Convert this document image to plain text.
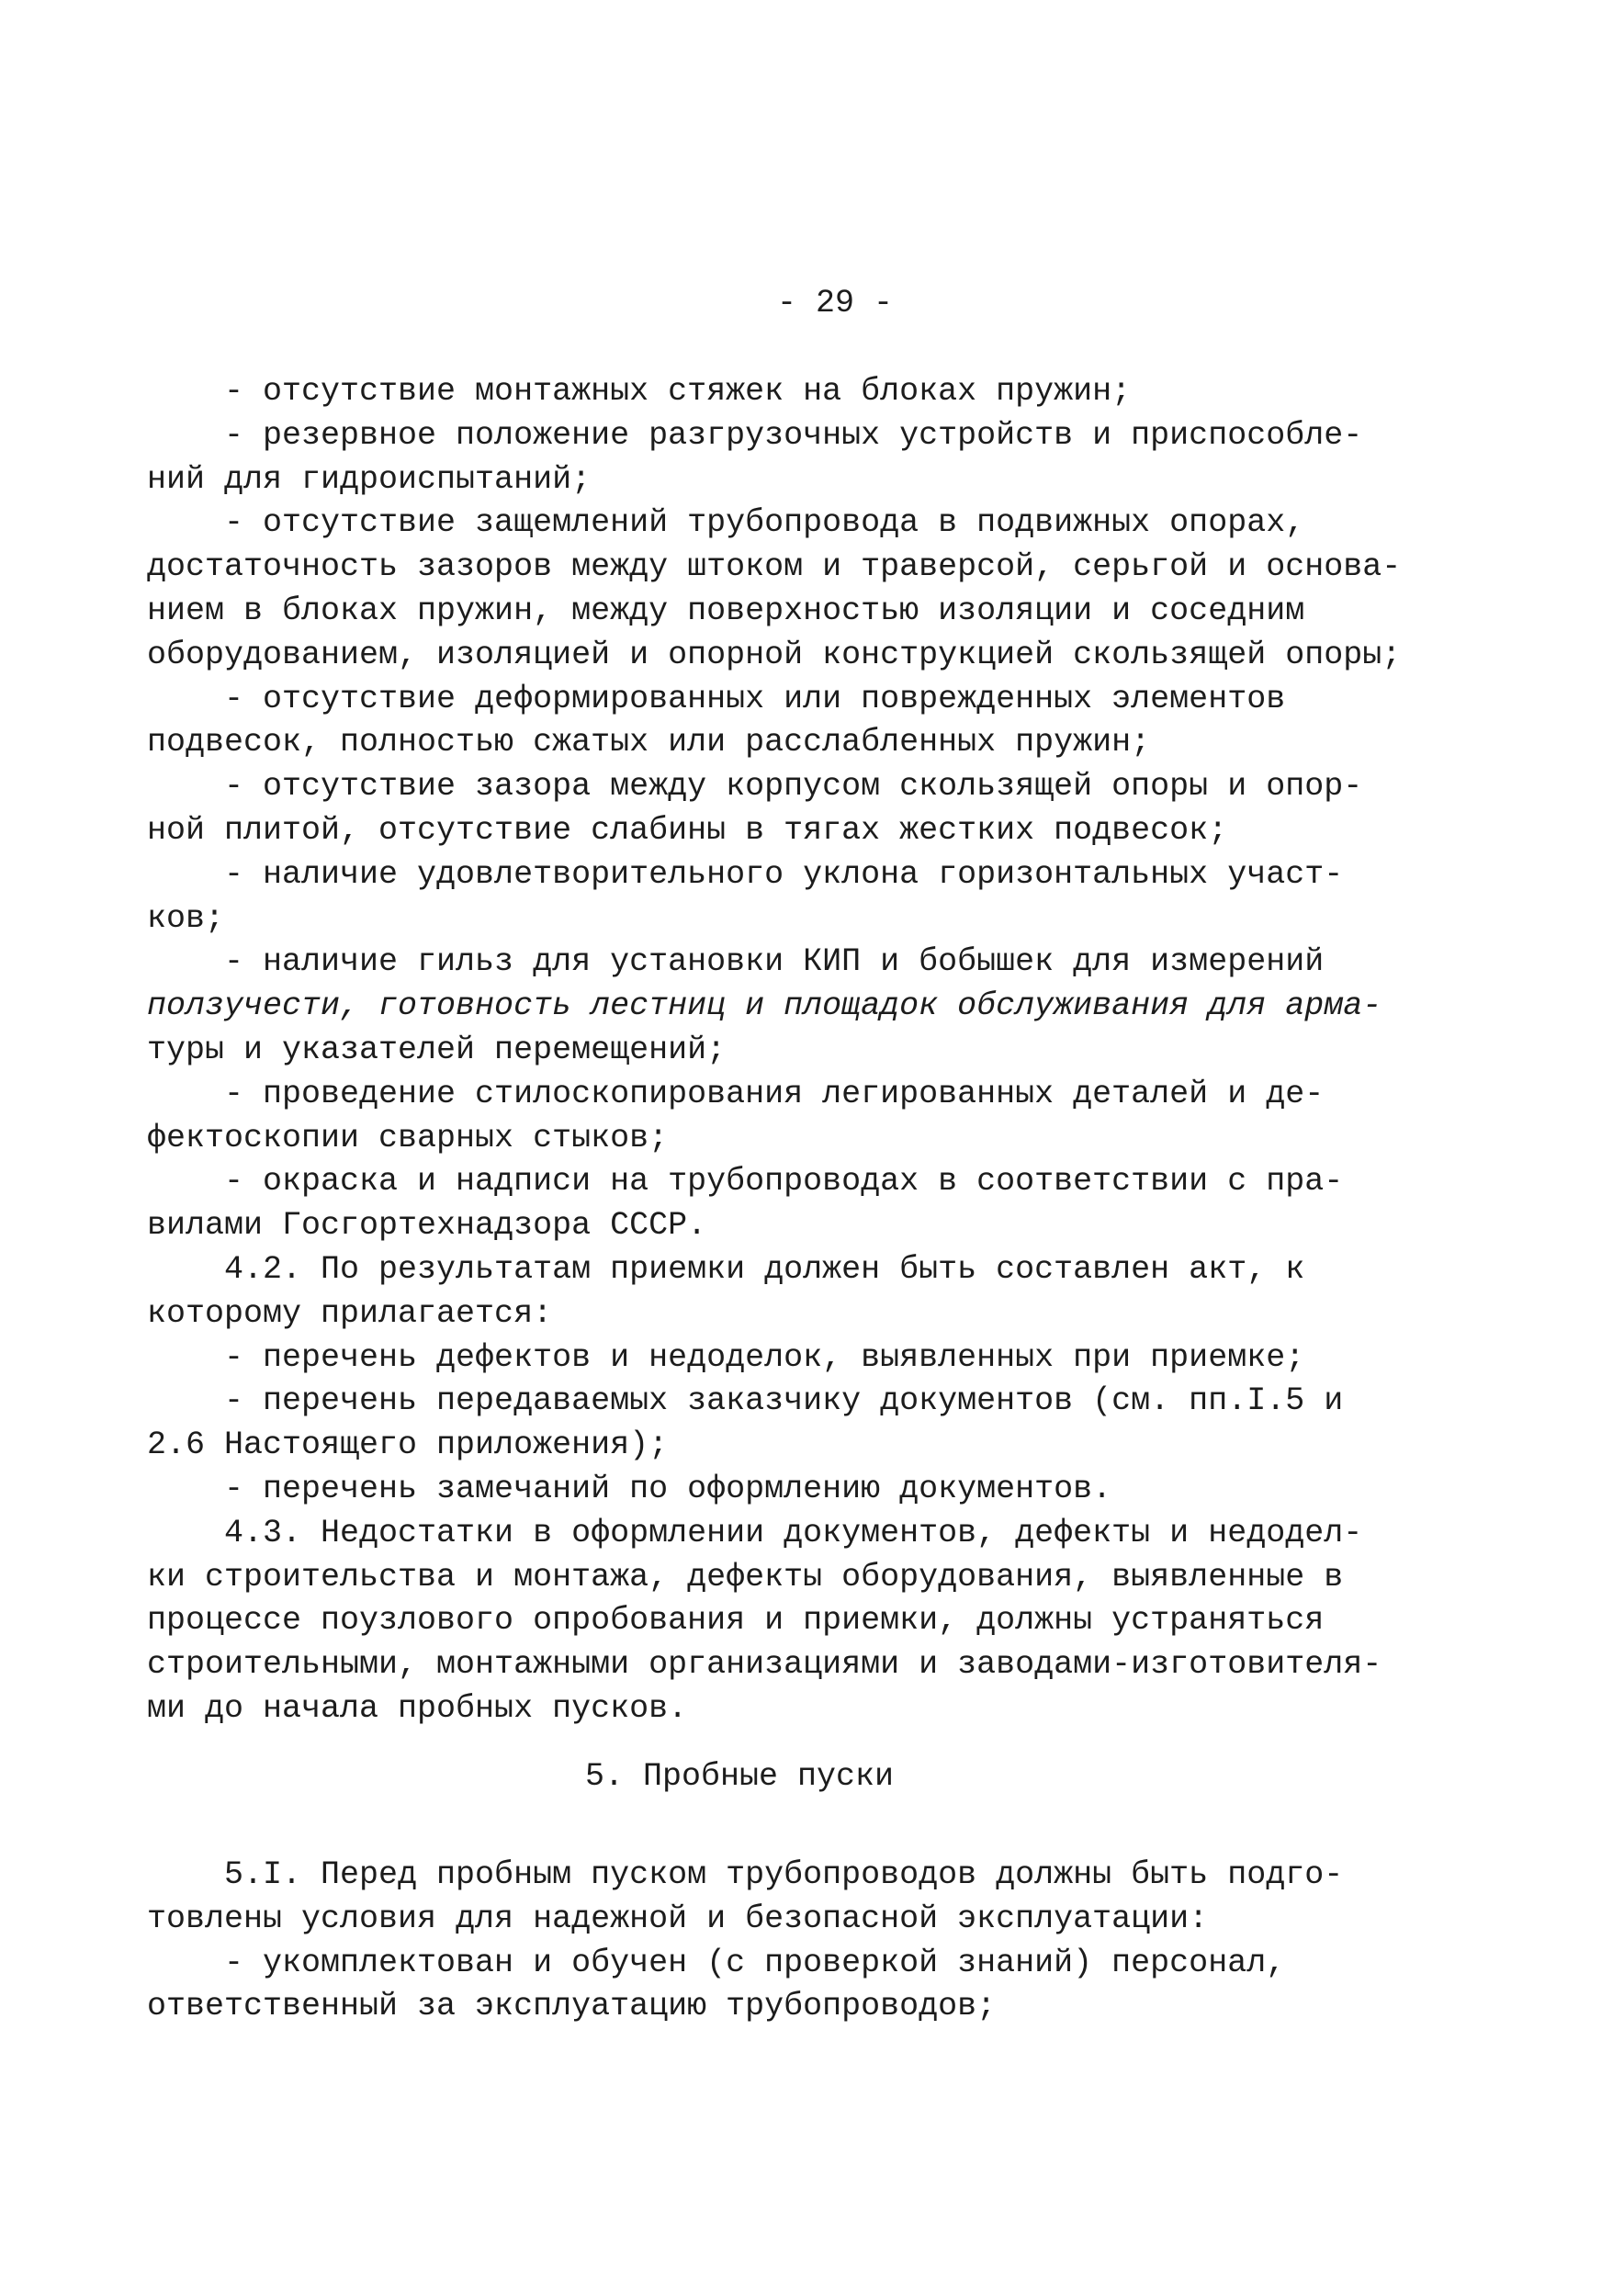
- 29 -
- отсутствие монтажных стяжек на блоках пружин;
- резервное положение разгрузочных устройств и приспособле-
ний для гидроиспытаний;
- отсутствие защемлений трубопровода в подвижных опорах,
достаточность зазоров между штоком и траверсой, серьгой и основа-
нием в блоках пружин, между поверхностью изоляции и соседним
оборудованием, изоляцией и опорной конструкцией скользящей опоры;
- отсутствие деформированных или поврежденных элементов
подвесок, полностью сжатых или расслабленных пружин;
- отсутствие зазора между корпусом скользящей опоры и опор-
ной плитой, отсутствие слабины в тягах жестких подвесок;
- наличие удовлетворительного уклона горизонтальных участ-
ков;
- наличие гильз для установки КИП и бобышек для измерений
ползучести, готовность лестниц и площадок обслуживания для арма-
туры и указателей перемещений;
- проведение стилоскопирования легированных деталей и де-
фектоскопии сварных стыков;
- окраска и надписи на трубопроводах в соответствии с пра-
вилами Госгортехнадзора СССР.
4.2. По результатам приемки должен быть составлен акт, к
которому прилагается:
- перечень дефектов и недоделок, выявленных при приемке;
- перечень передаваемых заказчику документов (см. пп.I.5 и
2.6 Настоящего приложения);
- перечень замечаний по оформлению документов.
4.3. Недостатки в оформлении документов, дефекты и недодел-
ки строительства и монтажа, дефекты оборудования, выявленные в
процессе поузлового опробования и приемки, должны устраняться
строительными, монтажными организациями и заводами-изготовителя-
ми до начала пробных пусков.
5. Пробные пуски
5.I. Перед пробным пуском трубопроводов должны быть подго-
товлены условия для надежной и безопасной эксплуатации:
- укомплектован и обучен (с проверкой знаний) персонал,
ответственный за эксплуатацию трубопроводов;
